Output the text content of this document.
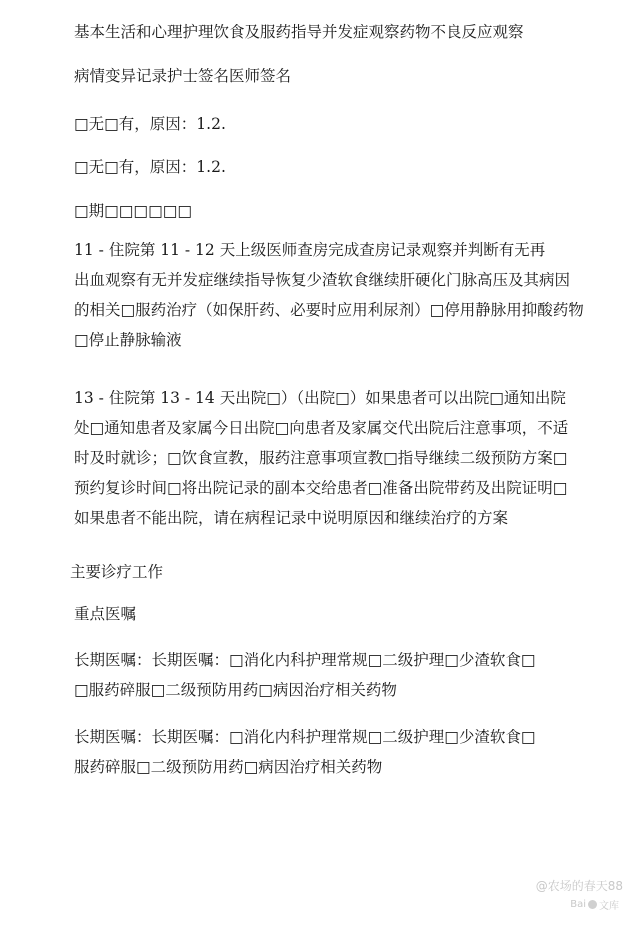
基本生活和心理护理饮食及服药指导并发症观察药物不良反应观察
病情变异记录护士签名医师签名
□无□有，原因：1.2.
□无□有，原因：1.2.
□期□□□□□□
11 - 住院第 11 - 12 天上级医师查房完成查房记录观察并判断有无再
出血观察有无并发症继续指导恢复少渣软食继续肝硬化门脉高压及其病因
的相关□服药治疗（如保肝药、必要时应用利尿剂）□停用静脉用抑酸药物
□停止静脉输液
13 - 住院第 13 - 14 天出院□）（出院□）如果患者可以出院□通知出院
处□通知患者及家属今日出院□向患者及家属交代出院后注意事项，不适
时及时就诊；□饮食宣教，服药注意事项宣教□指导继续二级预防方案□
预约复诊时间□将出院记录的副本交给患者□准备出院带药及出院证明□
如果患者不能出院，请在病程记录中说明原因和继续治疗的方案
主要诊疗工作
重点医嘱
长期医嘱：长期医嘱：□消化内科护理常规□二级护理□少渣软食□
□服药碎服□二级预防用药□病因治疗相关药物
长期医嘱：长期医嘱：□消化内科护理常规□二级护理□少渣软食□
服药碎服□二级预防用药□病因治疗相关药物
@农场的春天88
Bai 文库
